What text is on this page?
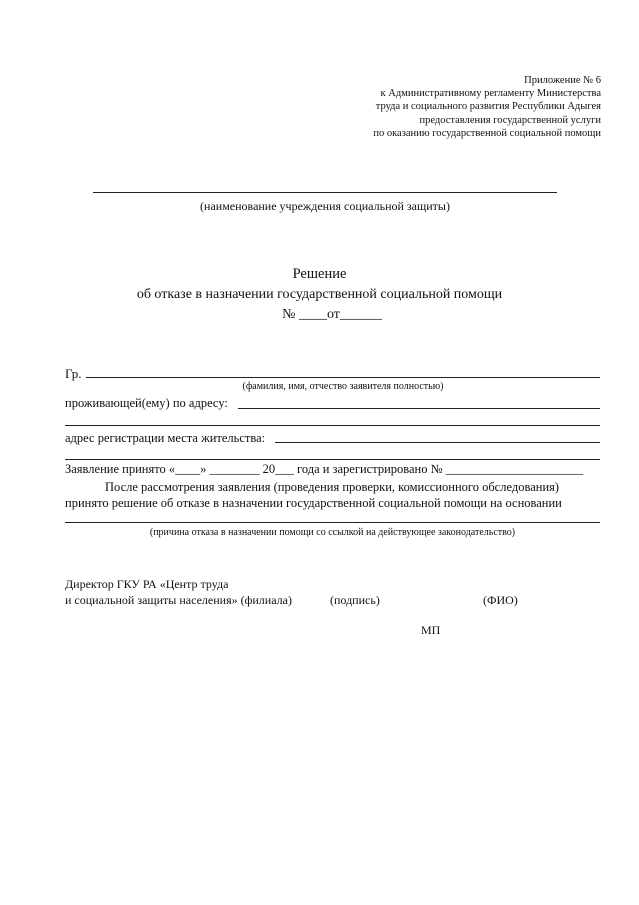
Приложение № 6
к Административному регламенту Министерства
труда и социального развития Республики Адыгея
предоставления государственной услуги
по оказанию государственной социальной помощи
(наименование учреждения социальной защиты)
Решение
об отказе в назначении государственной социальной помощи
№ ____от______
Гр.
(фамилия, имя, отчество заявителя полностью)
проживающей(ему) по адресу:
адрес регистрации места жительства:
Заявление принято «____» ________ 20___ года и зарегистрировано № ______________________
После рассмотрения заявления (проведения проверки, комиссионного обследования)
принято решение об отказе в назначении государственной социальной помощи на основании
(причина отказа в назначении помощи со ссылкой на действующее законодательство)
Директор ГКУ РА «Центр труда
и социальной защиты населения» (филиала)	(подпись)	(ФИО)
МП
